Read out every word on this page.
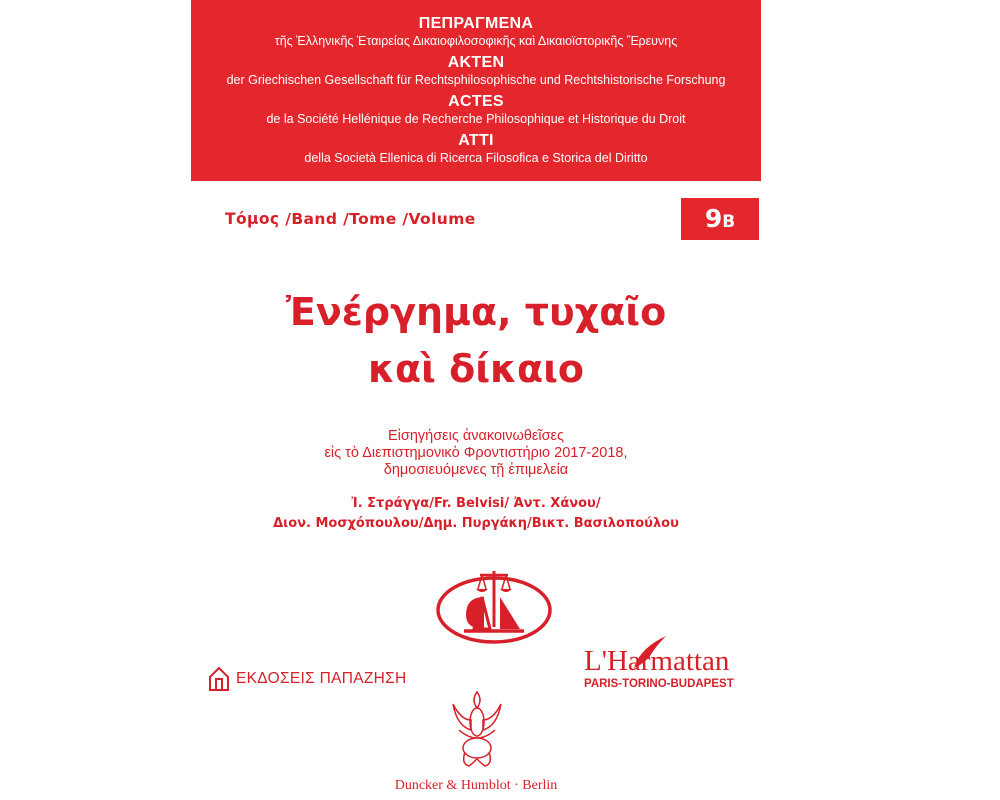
ΠΕΠΡΑΓΜΕΝΑ
τῆς Ἑλληνικῆς Ἑταιρείας Δικαιοφιλοσοφικῆς καὶ Δικαιοϊστορικῆς Ἔρευνης
AKTEN
der Griechischen Gesellschaft für Rechtsphilosophische und Rechtshistorische Forschung
ACTES
de la Société Hellénique de Recherche Philosophique et Historique du Droit
ATTI
della Società Ellenica di Ricerca Filosofica e Storica del Diritto
Τόμος /Band /Tome /Volume	9B
Ἐνέργημα, τυχαῖο
καὶ δίκαιο
Εἰσηγήσεις ἀνακοινωθεῖσες
εἰς τὸ Διεπιστημονικὸ Φροντιστήριο 2017-2018,
δημοσιευόμενες τῇ ἐπιμελεία
Ἰ. Στράγγα/Fr. Belvisi/ Ἀντ. Χάνου/
Διον. Μοσχόπουλου/Δημ. Πυργάκη/Βικτ. Βασιλοπούλου
ΕΚΔΟΣΕΙΣ ΠΑΠΑΖΗΣΗ
L'Harmattan
PARIS-TORINO-BUDAPEST
Duncker & Humblot · Berlin
